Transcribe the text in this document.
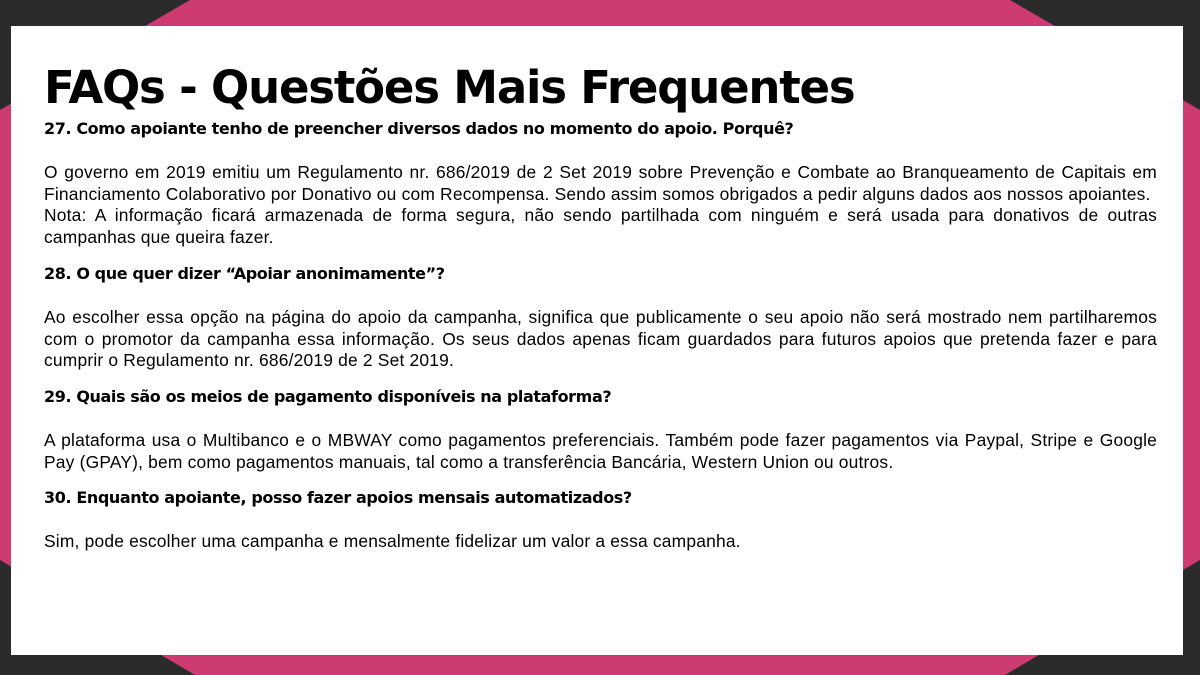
FAQs - Questões Mais Frequentes
27. Como apoiante tenho de preencher diversos dados no momento do apoio. Porquê?

O governo em 2019 emitiu um Regulamento nr. 686/2019 de 2 Set 2019 sobre Prevenção e Combate ao Branqueamento de Capitais em Financiamento Colaborativo por Donativo ou com Recompensa. Sendo assim somos obrigados a pedir alguns dados aos nossos apoiantes.

Nota: A informação ficará armazenada de forma segura, não sendo partilhada com ninguém e será usada para donativos de outras campanhas que queira fazer.

28. O que quer dizer “Apoiar anonimamente”?

Ao escolher essa opção na página do apoio da campanha, significa que publicamente o seu apoio não será mostrado nem partilharemos com o promotor da campanha essa informação. Os seus dados apenas ficam guardados para futuros apoios que pretenda fazer e para cumprir o Regulamento nr. 686/2019 de 2 Set 2019.

29. Quais são os meios de pagamento disponíveis na plataforma?

A plataforma usa o Multibanco e o MBWAY como pagamentos preferenciais. Também pode fazer pagamentos via Paypal, Stripe e Google Pay (GPAY), bem como pagamentos manuais, tal como a transferência Bancária, Western Union ou outros.

30. Enquanto apoiante, posso fazer apoios mensais automatizados?

Sim, pode escolher uma campanha e mensalmente fidelizar um valor a essa campanha.
